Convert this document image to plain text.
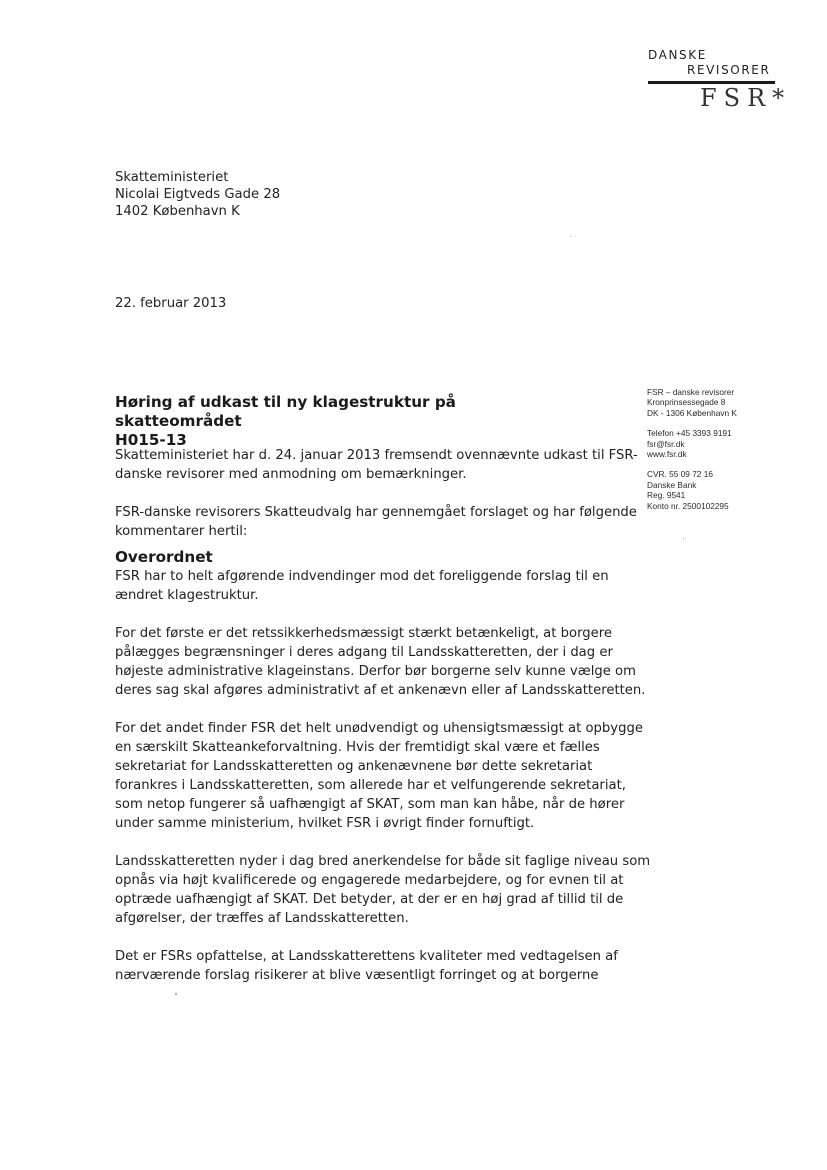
DANSKE
REVISORER
FSR*
Skatteministeriet
Nicolai Eigtveds Gade 28
1402 København K
22. februar 2013
Høring af udkast til ny klagestruktur på skatteområdet
H015-13
FSR – danske revisorer
Kronprinsessegade 8
DK - 1306 København K
Telefon +45 3393 9191
fsr@fsr.dk
www.fsr.dk
CVR. 55 09 72 16
Danske Bank
Reg. 9541
Konto nr. 2500102295

Skatteministeriet har d. 24. januar 2013 fremsendt ovennævnte udkast til FSR-

danske revisorer med anmodning om bemærkninger.

FSR-danske revisorers Skatteudvalg har gennemgået forslaget og har følgende

kommentarer hertil:

Overordnet

FSR har to helt afgørende indvendinger mod det foreliggende forslag til en

ændret klagestruktur.

For det første er det retssikkerhedsmæssigt stærkt betænkeligt, at borgere

pålægges begrænsninger i deres adgang til Landsskatteretten, der i dag er

højeste administrative klageinstans. Derfor bør borgerne selv kunne vælge om

deres sag skal afgøres administrativt af et ankenævn eller af Landsskatteretten.

For det andet finder FSR det helt unødvendigt og uhensigtsmæssigt at opbygge

en særskilt Skatteankeforvaltning. Hvis der fremtidigt skal være et fælles

sekretariat for Landsskatteretten og ankenævnene bør dette sekretariat

forankres i Landsskatteretten, som allerede har et velfungerende sekretariat,

som netop fungerer så uafhængigt af SKAT, som man kan håbe, når de hører

under samme ministerium, hvilket FSR i øvrigt finder fornuftigt.

Landsskatteretten nyder i dag bred anerkendelse for både sit faglige niveau som

opnås via højt kvalificerede og engagerede medarbejdere, og for evnen til at

optræde uafhængigt af SKAT. Det betyder, at der er en høj grad af tillid til de

afgørelser, der træffes af Landsskatteretten.

Det er FSRs opfattelse, at Landsskatterettens kvaliteter med vedtagelsen af

nærværende forslag risikerer at blive væsentligt forringet og at borgerne
